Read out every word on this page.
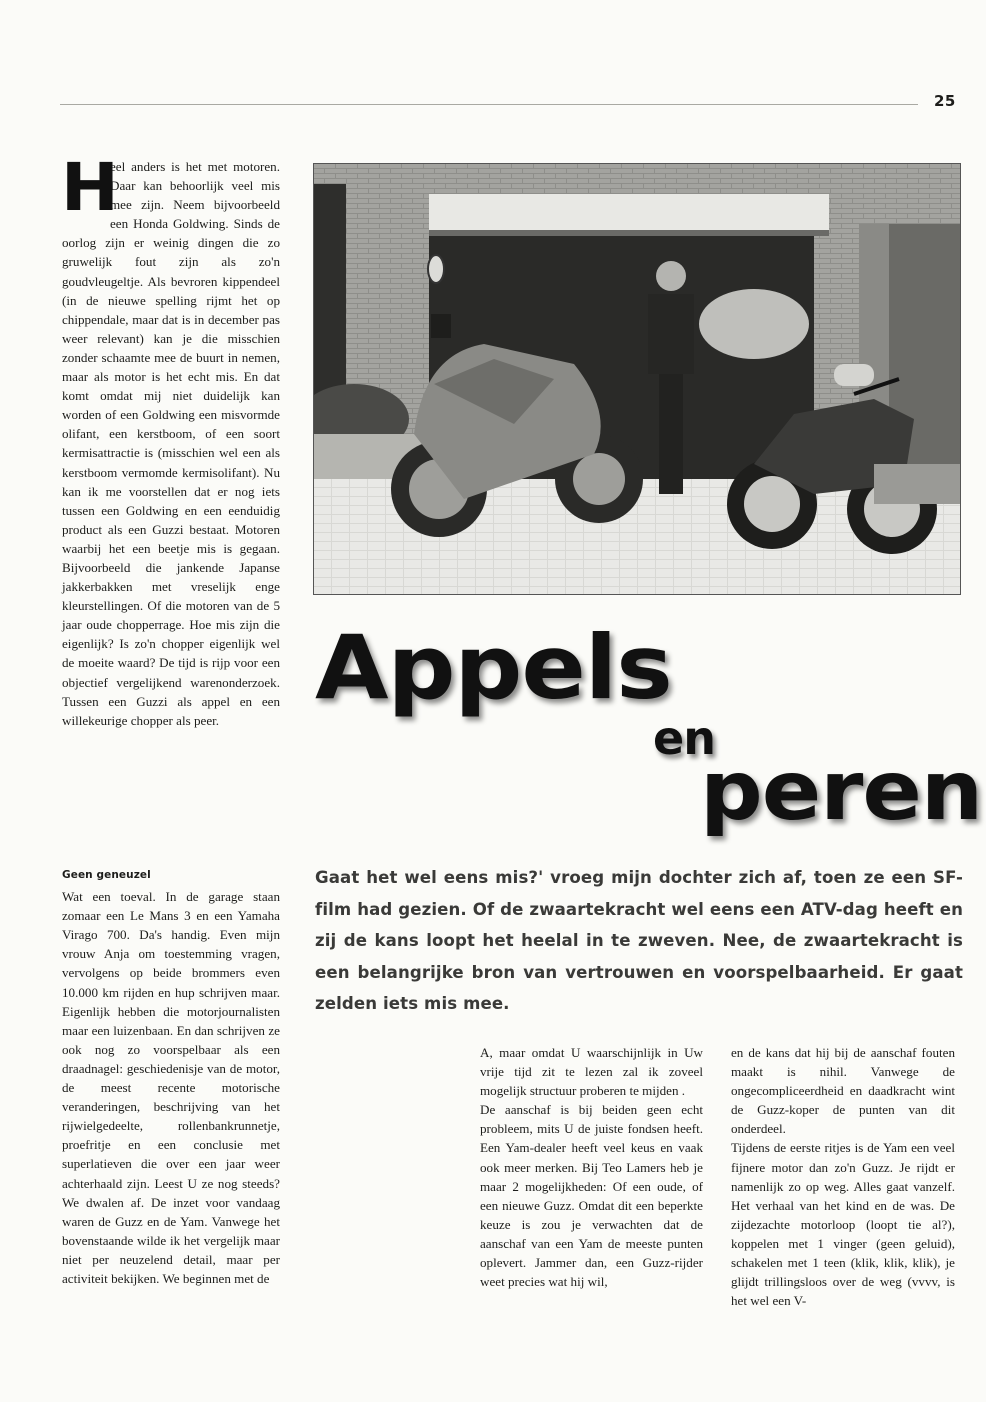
25
H

eel anders is het met motoren. Daar kan behoorlijk veel mis mee zijn. Neem bijvoorbeeld een Honda Goldwing. Sinds de oorlog zijn er weinig dingen die zo gruwelijk fout zijn als zo'n goudvleugeltje. Als bevroren kippendeel (in de nieuwe spelling rijmt het op chippendale, maar dat is in december pas weer relevant) kan je die misschien zonder schaamte mee de buurt in nemen, maar als motor is het echt mis. En dat komt omdat mij niet duidelijk kan worden of een Goldwing een misvormde olifant, een kerstboom, of een soort kermisattractie is (misschien wel een als kerstboom vermomde kermisolifant). Nu kan ik me voorstellen dat er nog iets tussen een Goldwing en een eenduidig product als een Guzzi bestaat. Motoren waarbij het een beetje mis is gegaan. Bijvoorbeeld die jankende Japanse jakkerbakken met vreselijk enge kleurstellingen. Of die motoren van de 5 jaar oude chopperrage. Hoe mis zijn die eigenlijk? Is zo'n chopper eigenlijk wel de moeite waard? De tijd is rijp voor een objectief vergelijkend warenonderzoek. Tussen een Guzzi als appel en een willekeurige chopper als peer.

Geen geneuzel

Wat een toeval. In de garage staan zomaar een Le Mans 3 en een Yamaha Virago 700. Da's handig. Even mijn vrouw Anja om toestemming vragen, vervolgens op beide brommers even 10.000 km rijden en hup schrijven maar. Eigenlijk hebben die motorjournalisten maar een luizenbaan. En dan schrijven ze ook nog zo voorspelbaar als een draadnagel: geschiedenisje van de motor, de meest recente motorische veranderingen, beschrijving van het rijwielgedeelte, rollenbankrunnetje, proefritje en een conclusie met superlatieven die over een jaar weer achterhaald zijn. Leest U ze nog steeds? We dwalen af. De inzet voor vandaag waren de Guzz en de Yam. Vanwege het bovenstaande wilde ik het vergelijk maar niet per neuzelend detail, maar per activiteit bekijken. We beginnen met de

Appels
en
peren
Gaat het wel eens mis?' vroeg mijn dochter zich af, toen ze een SF-film had gezien. Of de zwaartekracht wel eens een ATV-dag heeft en zij de kans loopt het heelal in te zweven. Nee, de zwaartekracht is een belangrijke bron van vertrouwen en voorspelbaarheid. Er gaat zelden iets mis mee.

A, maar omdat U waarschijnlijk in Uw vrije tijd zit te lezen zal ik zoveel mogelijk structuur proberen te mijden .

De aanschaf is bij beiden geen echt probleem, mits U de juiste fondsen heeft. Een Yam-dealer heeft veel keus en vaak ook meer merken. Bij Teo Lamers heb je maar 2 mogelijkheden: Of een oude, of een nieuwe Guzz. Omdat dit een beperkte keuze is zou je verwachten dat de aanschaf van een Yam de meeste punten oplevert. Jammer dan, een Guzz-rijder weet precies wat hij wil,

en de kans dat hij bij de aanschaf fouten maakt is nihil. Vanwege de ongecompliceerdheid en daadkracht wint de Guzz-koper de punten van dit onderdeel.

Tijdens de eerste ritjes is de Yam een veel fijnere motor dan zo'n Guzz. Je rijdt er namenlijk zo op weg. Alles gaat vanzelf. Het verhaal van het kind en de was. De zijdezachte motorloop (loopt tie al?), koppelen met 1 vinger (geen geluid), schakelen met 1 teen (klik, klik, klik), je glijdt trillingsloos over de weg (vvvv, is het wel een V-
